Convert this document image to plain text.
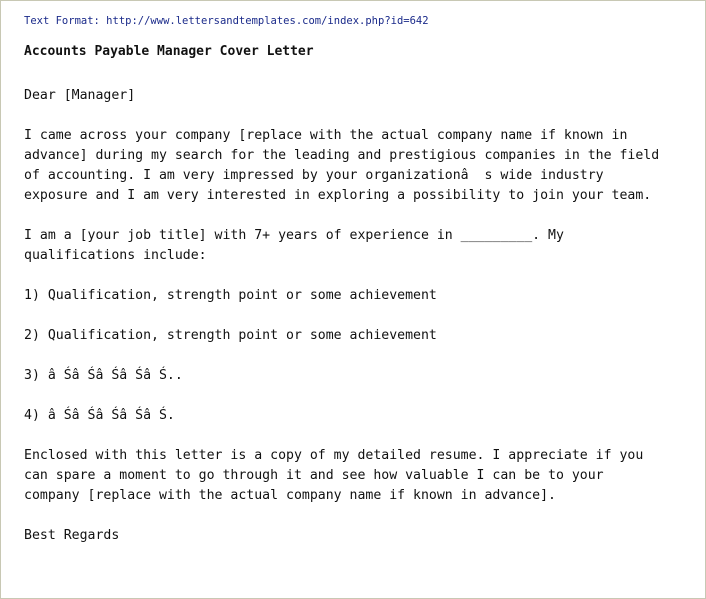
Text Format: http://www.lettersandtemplates.com/index.php?id=642
Accounts Payable Manager Cover Letter

Dear [Manager]

I came across your company [replace with the actual company name if known in
advance] during my search for the leading and prestigious companies in the field
of accounting. I am very impressed by your organizationâ  s wide industry
exposure and I am very interested in exploring a possibility to join your team.

I am a [your job title] with 7+ years of experience in _________. My
qualifications include:

1) Qualification, strength point or some achievement

2) Qualification, strength point or some achievement

3) â Śâ Śâ Śâ Śâ Ś..

4) â Śâ Śâ Śâ Śâ Ś.

Enclosed with this letter is a copy of my detailed resume. I appreciate if you
can spare a moment to go through it and see how valuable I can be to your
company [replace with the actual company name if known in advance].

Best Regards
